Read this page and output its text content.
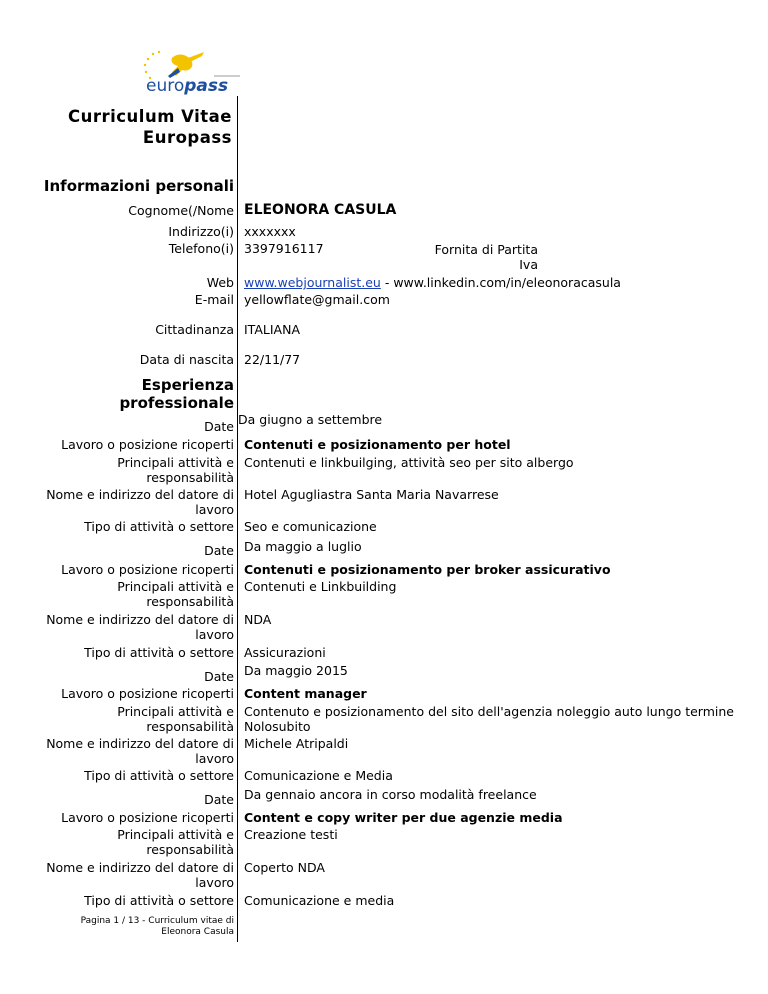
europass
Curriculum Vitae
Europass
Informazioni personali
Cognome(/Nome ELEONORA CASULA
Indirizzo(i) xxxxxxx
Telefono(i) 3397916117	Fornita di Partita
Iva
Web www.webjournalist.eu - www.linkedin.com/in/eleonoracasula
E-mail yellowflate@gmail.com
Cittadinanza ITALIANA
Data di nascita 22/11/77
Esperienza
professionale
Date Da giugno a settembre
Lavoro o posizione ricoperti Contenuti e posizionamento per hotel
Principali attività e
responsabilità
Contenuti e linkbuilging, attività seo per sito albergo
Nome e indirizzo del datore di
lavoro
Hotel Agugliastra Santa Maria Navarrese
Tipo di attività o settore Seo e comunicazione
Date Da maggio a luglio
Lavoro o posizione ricoperti Contenuti e posizionamento per broker assicurativo
Principali attività e
responsabilità
Contenuti e Linkbuilding
Nome e indirizzo del datore di
lavoro
NDA
Tipo di attività o settore Assicurazioni
Date Da maggio 2015
Lavoro o posizione ricoperti Content manager
Principali attività e
responsabilità
Contenuto e posizionamento del sito dell'agenzia noleggio auto lungo termine
Nolosubito
Nome e indirizzo del datore di
lavoro
Michele Atripaldi
Tipo di attività o settore Comunicazione e Media
Date Da gennaio ancora in corso modalità freelance
Lavoro o posizione ricoperti Content e copy writer per due agenzie media
Principali attività e
responsabilità
Creazione testi
Nome e indirizzo del datore di
lavoro
Coperto NDA
Tipo di attività o settore Comunicazione e media
Pagina 1 / 13 - Curriculum vitae di
Eleonora Casula
